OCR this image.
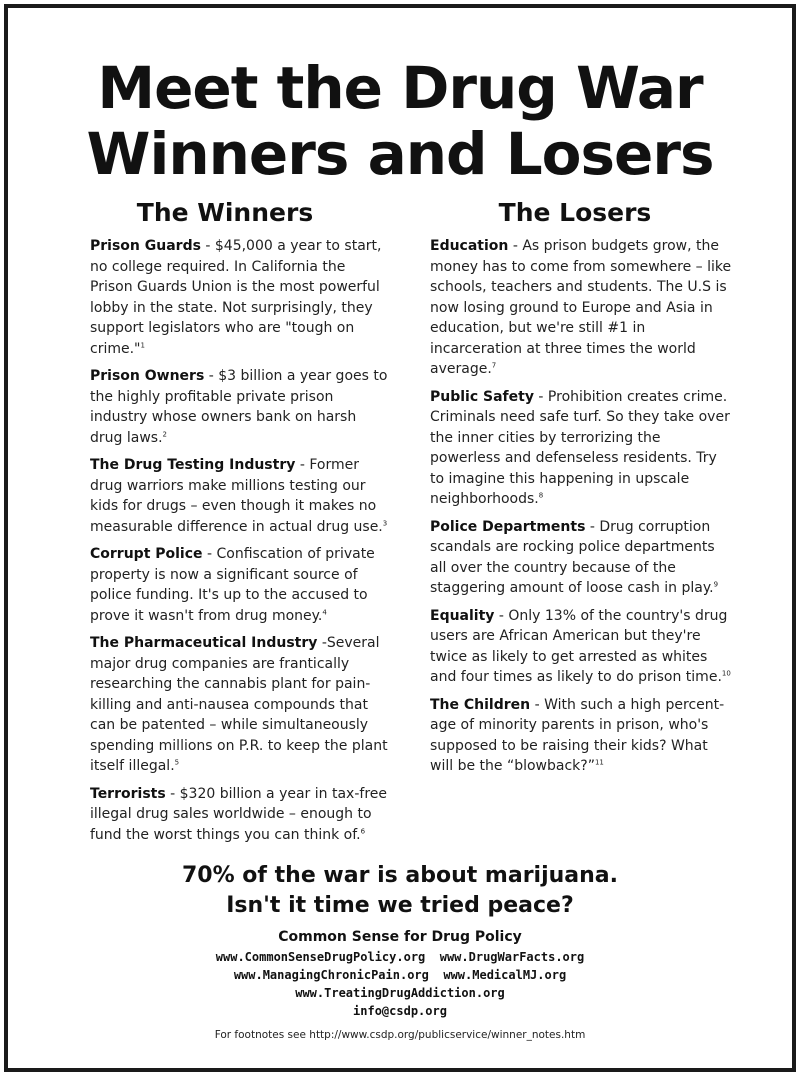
Meet the Drug War
Winners and Losers
The Winners	The Losers

Prison Guards - $45,000 a year to start, no college required. In California the Prison Guards Union is the most powerful lobby in the state. Not surprisingly, they support legislators who are "tough on crime."$^1$

Prison Owners - $3 billion a year goes to the highly profitable private prison industry whose owners bank on harsh drug laws.$^2$

The Drug Testing Industry - Former drug warriors make millions testing our kids for drugs – even though it makes no measurable difference in actual drug use.$^3$

Corrupt Police - Confiscation of private property is now a significant source of police funding. It's up to the accused to prove it wasn't from drug money.$^4$

The Pharmaceutical Industry -Several major drug companies are frantically researching the cannabis plant for pain-killing and anti-nausea compounds that can be patented – while simultaneously spending millions on P.R. to keep the plant itself illegal.$^5$

Terrorists - $320 billion a year in tax-free illegal drug sales worldwide – enough to fund the worst things you can think of.$^6$

Education - As prison budgets grow, the money has to come from somewhere – like schools, teachers and students. The U.S is now losing ground to Europe and Asia in education, but we're still #1 in incarceration at three times the world average.$^7$

Public Safety - Prohibition creates crime. Criminals need safe turf. So they take over the inner cities by terrorizing the powerless and defenseless residents. Try to imagine this happening in upscale neighborhoods.$^8$

Police Departments - Drug corruption scandals are rocking police departments all over the country because of the staggering amount of loose cash in play.$^9$

Equality - Only 13% of the country's drug users are African American but they're twice as likely to get arrested as whites and four times as likely to do prison time.$^{10}$

The Children - With such a high percent-age of minority parents in prison, who's supposed to be raising their kids? What will be the “blowback?”$^{11}$

70% of the war is about marijuana.
Isn't it time we tried peace?
Common Sense for Drug Policy
www.CommonSenseDrugPolicy.org www.DrugWarFacts.org
www.ManagingChronicPain.org www.MedicalMJ.org
www.TreatingDrugAddiction.org
info@csdp.org
For footnotes see http://www.csdp.org/publicservice/winner_notes.htm
